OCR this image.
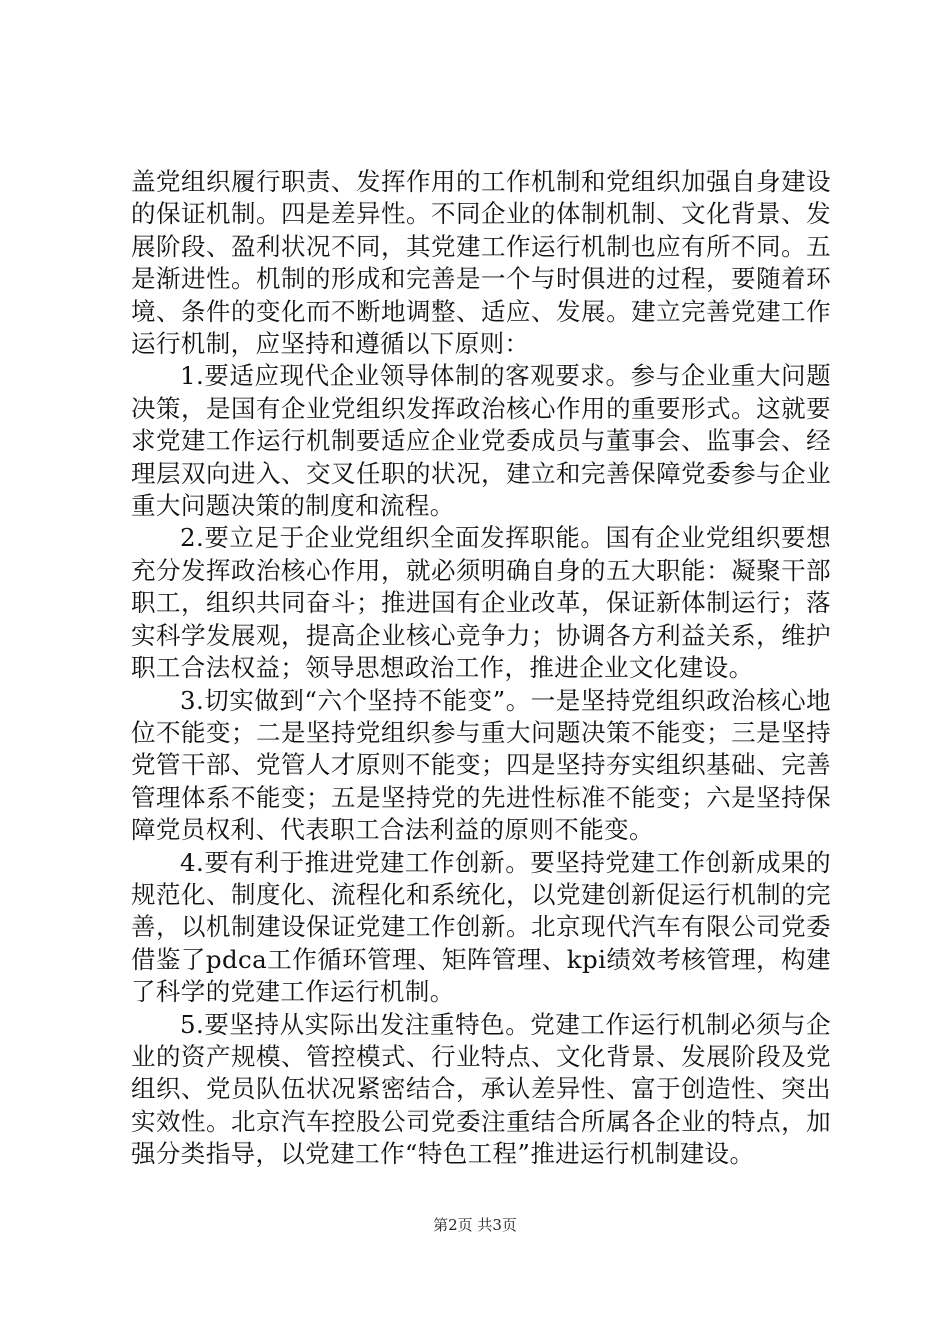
盖党组织履行职责、发挥作用的工作机制和党组织加强自身建设的保证机制。四是差异性。不同企业的体制机制、文化背景、发展阶段、盈利状况不同，其党建工作运行机制也应有所不同。五是渐进性。机制的形成和完善是一个与时俱进的过程，要随着环境、条件的变化而不断地调整、适应、发展。建立完善党建工作运行机制，应坚持和遵循以下原则：

1.要适应现代企业领导体制的客观要求。参与企业重大问题决策，是国有企业党组织发挥政治核心作用的重要形式。这就要求党建工作运行机制要适应企业党委成员与董事会、监事会、经理层双向进入、交叉任职的状况，建立和完善保障党委参与企业重大问题决策的制度和流程。

2.要立足于企业党组织全面发挥职能。国有企业党组织要想充分发挥政治核心作用，就必须明确自身的五大职能：凝聚干部职工，组织共同奋斗；推进国有企业改革，保证新体制运行；落实科学发展观，提高企业核心竞争力；协调各方利益关系，维护职工合法权益；领导思想政治工作，推进企业文化建设。

3.切实做到“六个坚持不能变”。一是坚持党组织政治核心地位不能变；二是坚持党组织参与重大问题决策不能变；三是坚持党管干部、党管人才原则不能变；四是坚持夯实组织基础、完善管理体系不能变；五是坚持党的先进性标准不能变；六是坚持保障党员权利、代表职工合法利益的原则不能变。

4.要有利于推进党建工作创新。要坚持党建工作创新成果的规范化、制度化、流程化和系统化，以党建创新促运行机制的完善，以机制建设保证党建工作创新。北京现代汽车有限公司党委借鉴了pdca工作循环管理、矩阵管理、kpi绩效考核管理，构建了科学的党建工作运行机制。

5.要坚持从实际出发注重特色。党建工作运行机制必须与企业的资产规模、管控模式、行业特点、文化背景、发展阶段及党组织、党员队伍状况紧密结合，承认差异性、富于创造性、突出实效性。北京汽车控股公司党委注重结合所属各企业的特点，加强分类指导，以党建工作“特色工程”推进运行机制建设。

第2页 共3页
